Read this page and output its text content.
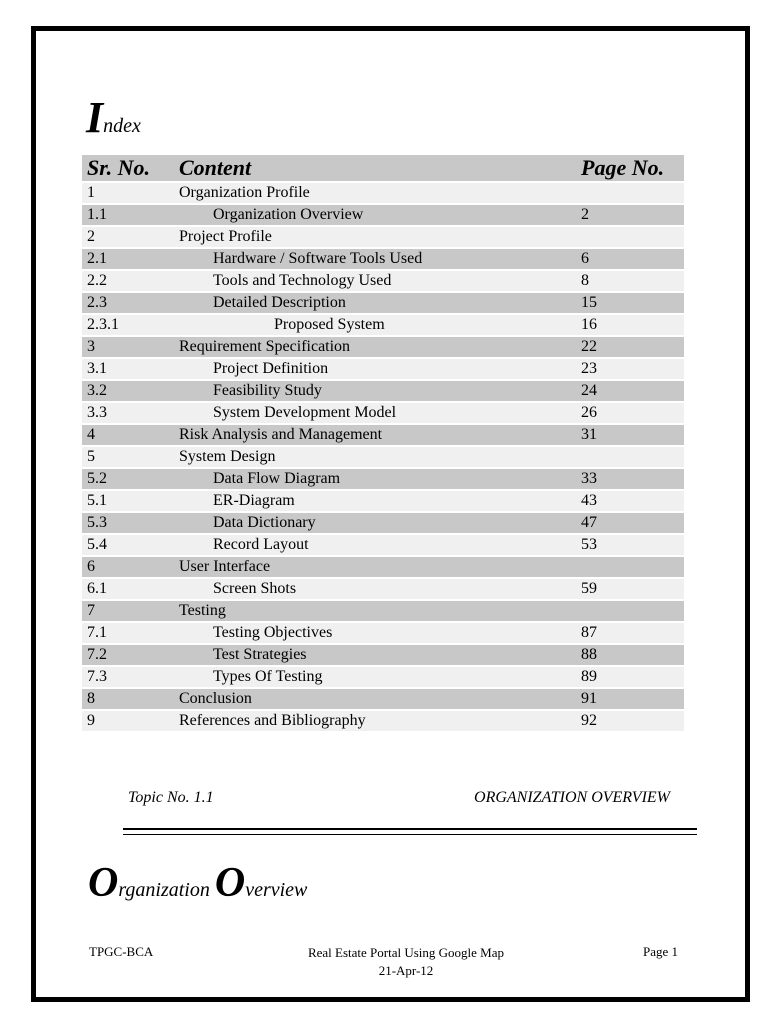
Index
Sr. No.	Content	Page No.
1	Organization Profile	
1.1	Organization Overview	2
2	Project Profile	
2.1	Hardware / Software Tools Used	6
2.2	Tools and Technology Used	8
2.3	Detailed Description	15
2.3.1	Proposed System	16
3	Requirement Specification	22
3.1	Project Definition	23
3.2	Feasibility Study	24
3.3	System Development Model	26
4	Risk Analysis and Management	31
5	System Design	
5.2	Data Flow Diagram	33
5.1	ER-Diagram	43
5.3	Data Dictionary	47
5.4	Record Layout	53
6	User Interface	
6.1	Screen Shots	59
7	Testing	
7.1	Testing Objectives	87
7.2	Test Strategies	88
7.3	Types Of Testing	89
8	Conclusion	91
9	References and Bibliography	92
Topic No. 1.1	ORGANIZATION OVERVIEW
Organization Overview
TPGC-BCA	Real Estate Portal Using Google Map
21-Apr-12
Page 1
